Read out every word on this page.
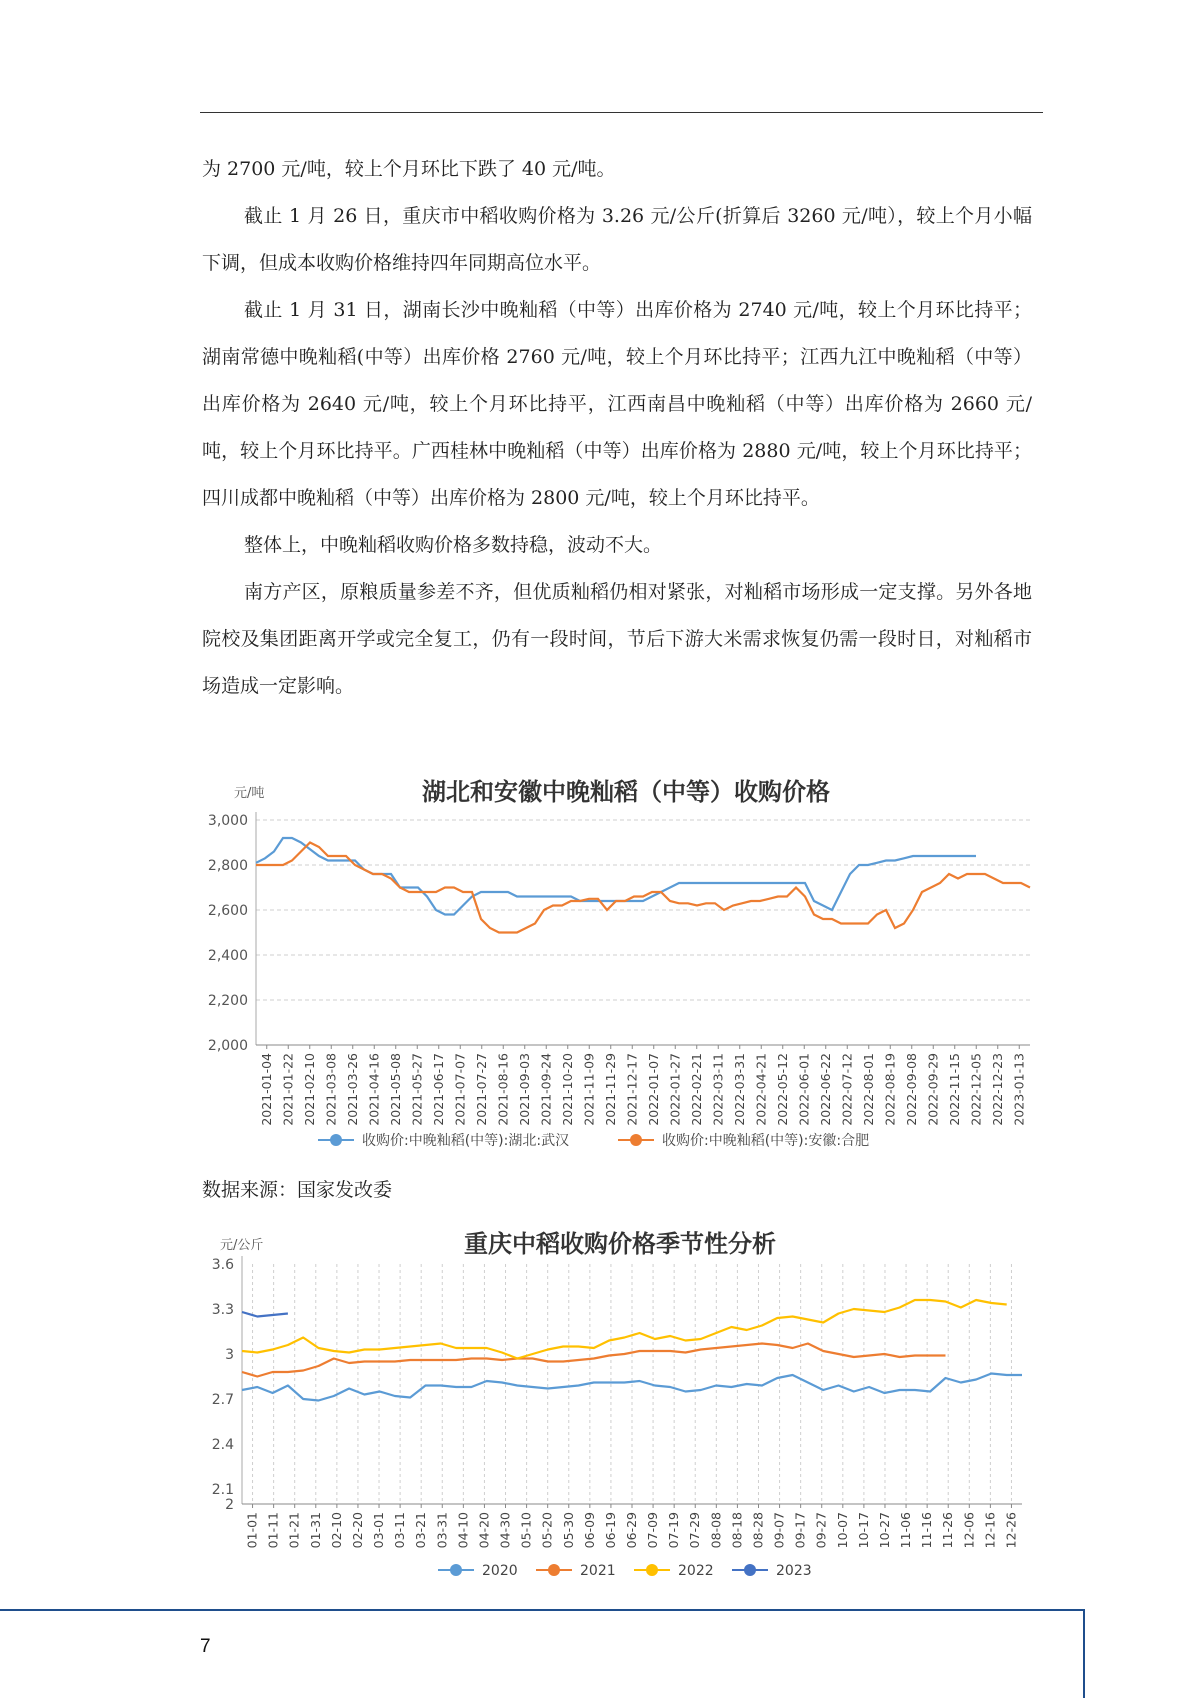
为 2700 元/吨，较上个月环比下跌了 40 元/吨。

截止 1 月 26 日，重庆市中稻收购价格为 3.26 元/公斤(折算后 3260 元/吨），较上个月小幅下调，但成本收购价格维持四年同期高位水平。

截止 1 月 31 日，湖南长沙中晚籼稻（中等）出库价格为 2740 元/吨，较上个月环比持平；湖南常德中晚籼稻(中等）出库价格 2760 元/吨，较上个月环比持平；江西九江中晚籼稻（中等）出库价格为 2640 元/吨，较上个月环比持平，江西南昌中晚籼稻（中等）出库价格为 2660 元/吨，较上个月环比持平。广西桂林中晚籼稻（中等）出库价格为 2880 元/吨，较上个月环比持平；四川成都中晚籼稻（中等）出库价格为 2800 元/吨，较上个月环比持平。

整体上，中晚籼稻收购价格多数持稳，波动不大。

南方产区，原粮质量参差不齐，但优质籼稻仍相对紧张，对籼稻市场形成一定支撑。另外各地院校及集团距离开学或完全复工，仍有一段时间，节后下游大米需求恢复仍需一段时日，对籼稻市场造成一定影响。

湖北和安徽中晚籼稻（中等）收购价格
元/吨
3,000
2,800
2,600
2,400
2,200
2,000
2021-01-04 2021-01-22 2021-02-10 2021-03-08 2021-03-26 2021-04-16 2021-05-08 2021-05-27 2021-06-17 2021-07-07 2021-07-27 2021-08-16 2021-09-03 2021-09-24 2021-10-20 2021-11-09 2021-11-29 2021-12-17 2022-01-07 2022-01-27 2022-02-21 2022-03-11 2022-03-31 2022-04-21 2022-05-12 2022-06-01 2022-06-22 2022-07-12 2022-08-01 2022-08-19 2022-09-08 2022-09-29 2022-11-15 2022-12-05 2022-12-23 2023-01-13
收购价:中晚籼稻(中等):湖北:武汉	收购价:中晚籼稻(中等):安徽:合肥
数据来源：国家发改委
重庆中稻收购价格季节性分析
元/公斤
3.6
3.3
3
2.7
2.4
2.1
2
01-01 01-11 01-21 01-31 02-10 02-20 03-01 03-11 03-21 03-31 04-10 04-20 04-30 05-10 05-20 05-30 06-09 06-19 06-29 07-09 07-19 07-29 08-08 08-18 08-28 09-07 09-17 09-27 10-07 10-17 10-27 11-06 11-16 11-26 12-06 12-16 12-26
2020	2021	2022	2023
7
